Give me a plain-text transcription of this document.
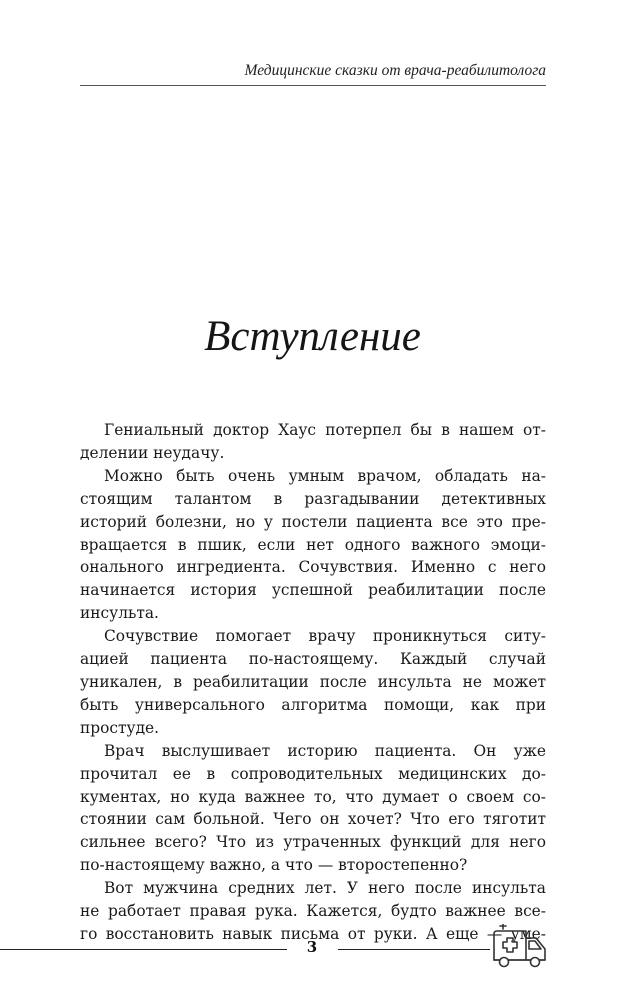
Медицинские сказки от врача-реабилитолога
Вступление
Гениальный доктор Хаус потерпел бы в нашем от-
делении неудачу.
Можно быть очень умным врачом, обладать на-
стоящим талантом в разгадывании детективных
историй болезни, но у постели пациента все это пре-
вращается в пшик, если нет одного важного эмоци-
онального ингредиента. Сочувствия. Именно с него
начинается история успешной реабилитации после
инсульта.
Сочувствие помогает врачу проникнуться ситу-
ацией пациента по-настоящему. Каждый случай
уникален, в реабилитации после инсульта не может
быть универсального алгоритма помощи, как при
простуде.
Врач выслушивает историю пациента. Он уже
прочитал ее в сопроводительных медицинских до-
кументах, но куда важнее то, что думает о своем со-
стоянии сам больной. Чего он хочет? Что его тяготит
сильнее всего? Что из утраченных функций для него
по-настоящему важно, а что — второстепенно?
Вот мужчина средних лет. У него после инсульта
не работает правая рука. Кажется, будто важнее все-
го восстановить навык письма от руки. А еще — уме-
3
